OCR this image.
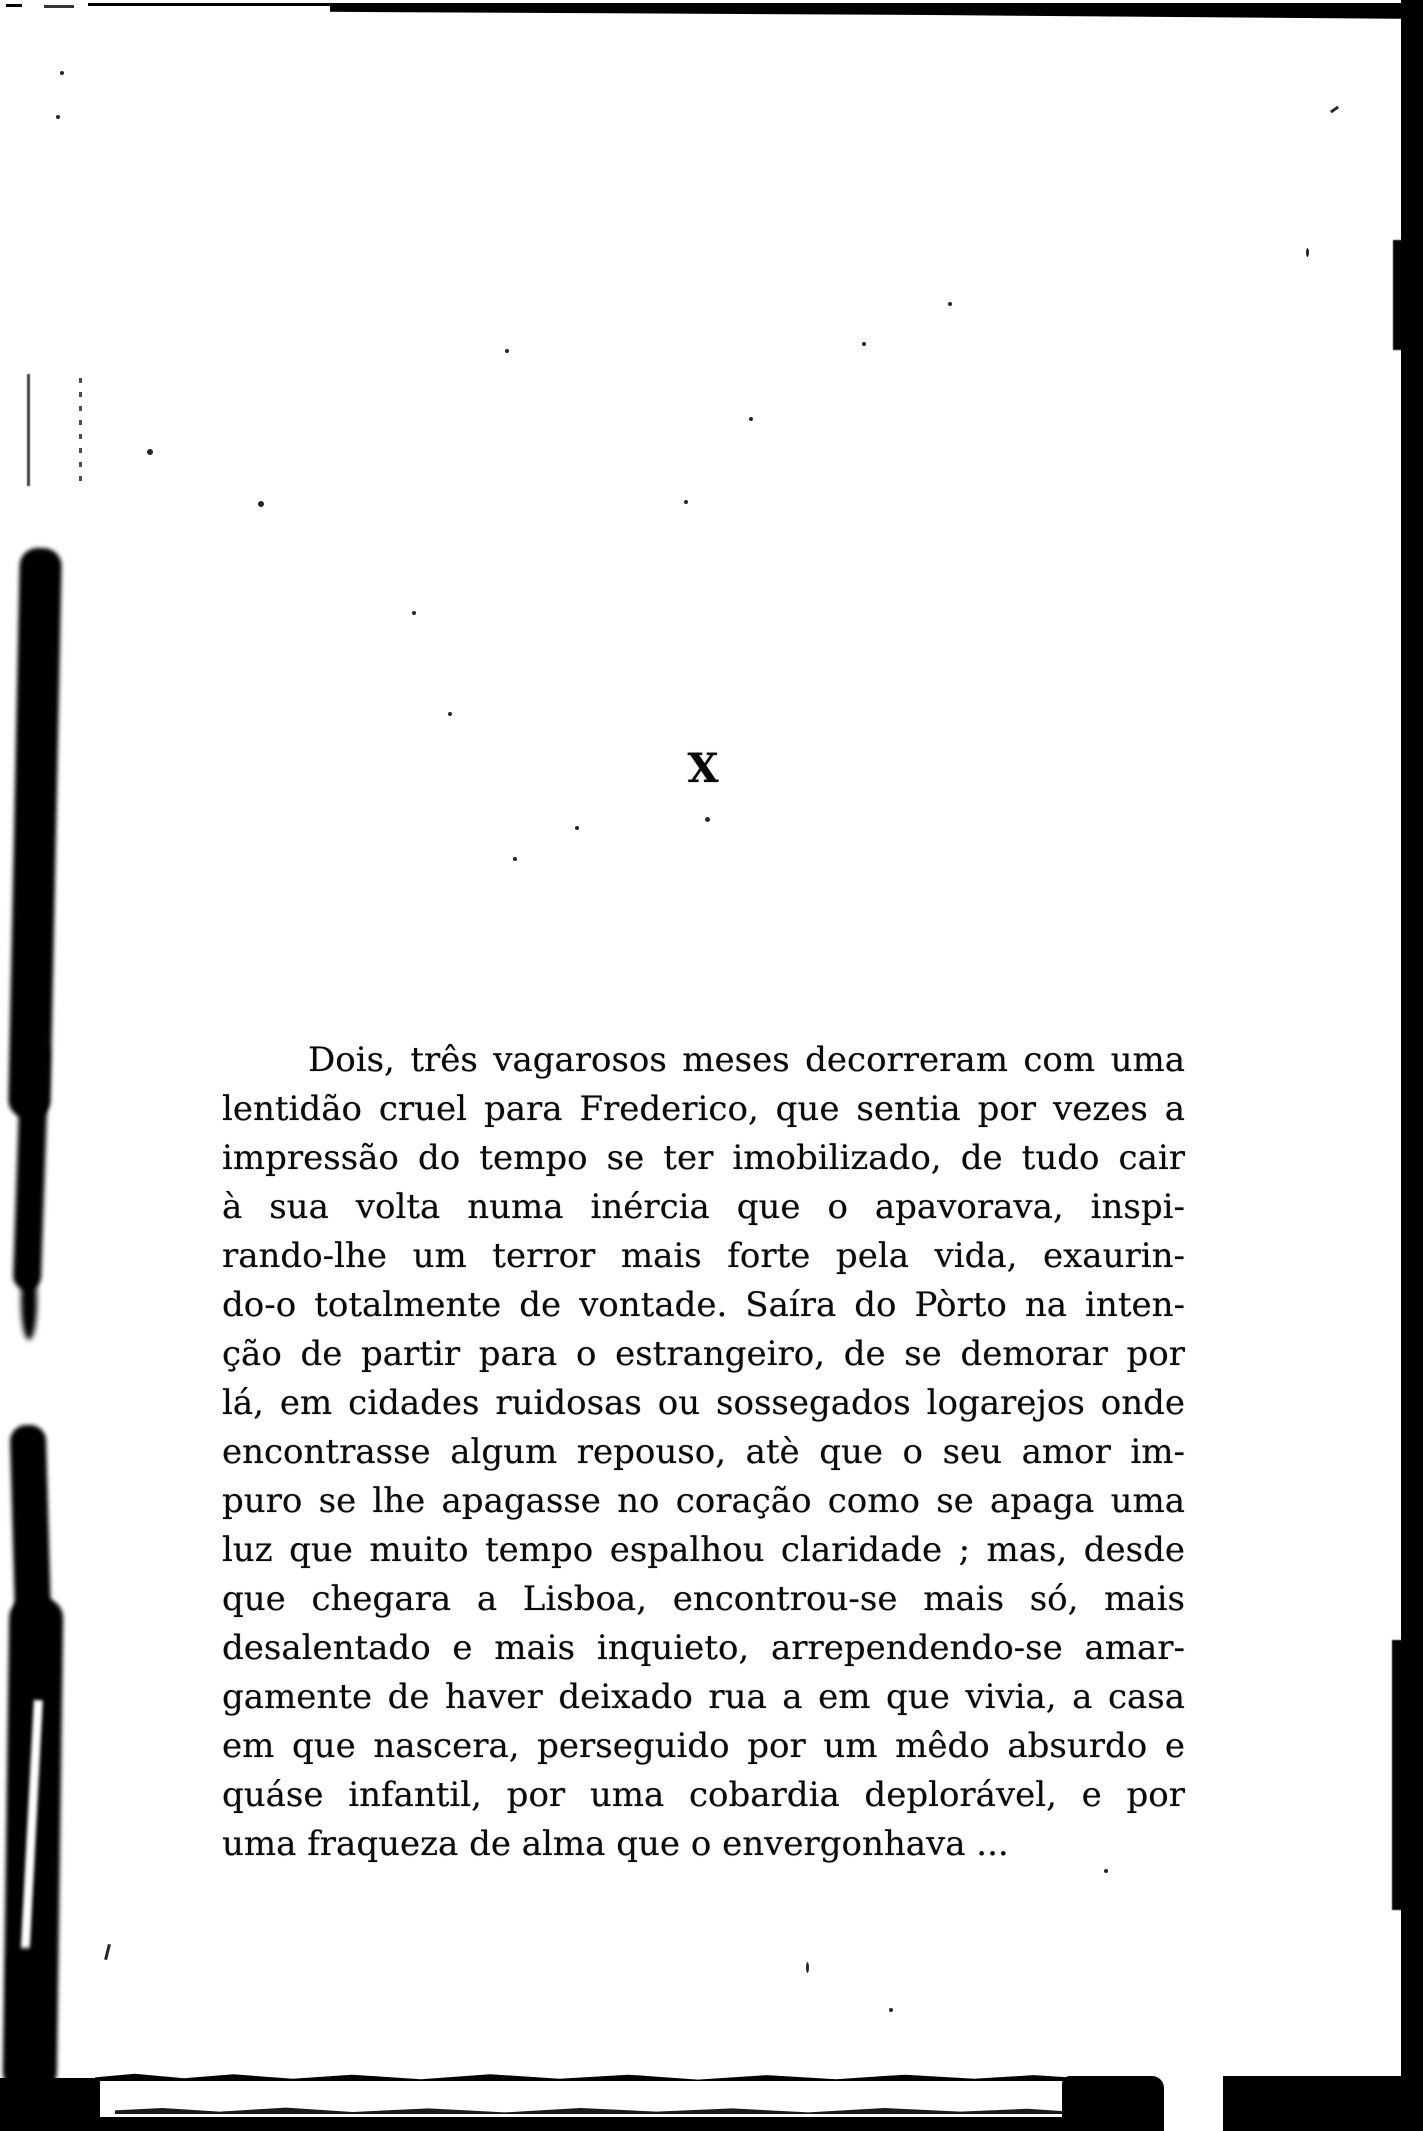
X
Dois, três vagarosos meses decorreram com uma
lentidão cruel para Frederico, que sentia por vezes a
impressão do tempo se ter imobilizado, de tudo cair
à sua volta numa inércia que o apavorava, inspi-
rando-lhe um terror mais forte pela vida, exaurin-
do-o totalmente de vontade. Saíra do Pòrto na inten-
ção de partir para o estrangeiro, de se demorar por
lá, em cidades ruidosas ou sossegados logarejos onde
encontrasse algum repouso, atè que o seu amor im-
puro se lhe apagasse no coração como se apaga uma
luz que muito tempo espalhou claridade ; mas, desde
que chegara a Lisboa, encontrou-se mais só, mais
desalentado e mais inquieto, arrependendo-se amar-
gamente de haver deixado rua a em que vivia, a casa
em que nascera, perseguido por um mêdo absurdo e
quáse infantil, por uma cobardia deplorável, e por
uma fraqueza de alma que o envergonhava ...
